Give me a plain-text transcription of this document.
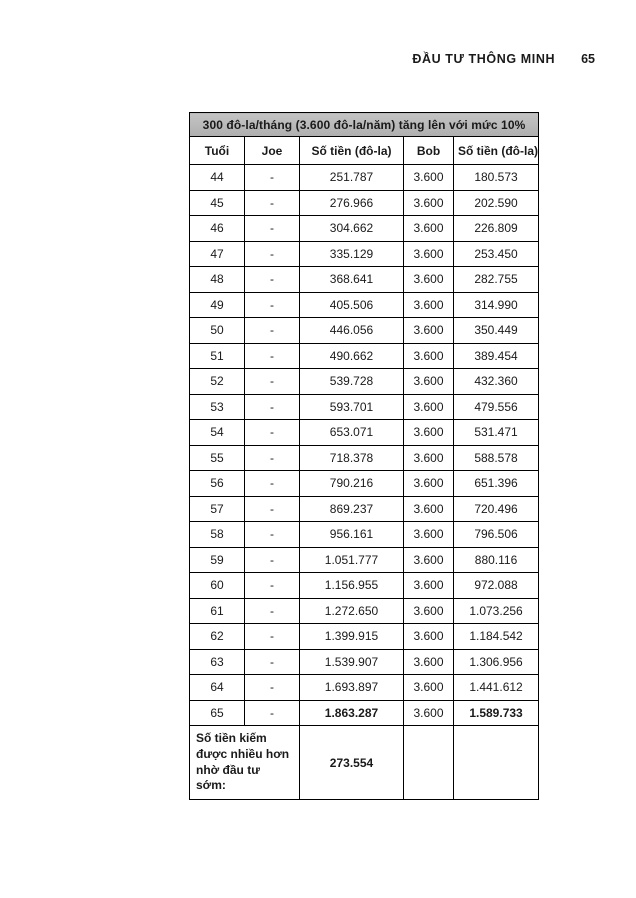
ĐẦU TƯ THÔNG MINH 65
300 đô-la/tháng (3.600 đô-la/năm) tăng lên với mức 10%				
Tuổi	Joe	Số tiền (đô-la)	Bob	Số tiền (đô-la)
44	-	251.787	3.600	180.573
45	-	276.966	3.600	202.590
46	-	304.662	3.600	226.809
47	-	335.129	3.600	253.450
48	-	368.641	3.600	282.755
49	-	405.506	3.600	314.990
50	-	446.056	3.600	350.449
51	-	490.662	3.600	389.454
52	-	539.728	3.600	432.360
53	-	593.701	3.600	479.556
54	-	653.071	3.600	531.471
55	-	718.378	3.600	588.578
56	-	790.216	3.600	651.396
57	-	869.237	3.600	720.496
58	-	956.161	3.600	796.506
59	-	1.051.777	3.600	880.116
60	-	1.156.955	3.600	972.088
61	-	1.272.650	3.600	1.073.256
62	-	1.399.915	3.600	1.184.542
63	-	1.539.907	3.600	1.306.956
64	-	1.693.897	3.600	1.441.612
65	-	1.863.287	3.600	1.589.733
Số tiền kiếm được nhiều hơn nhờ đầu tư sớm:		273.554		
